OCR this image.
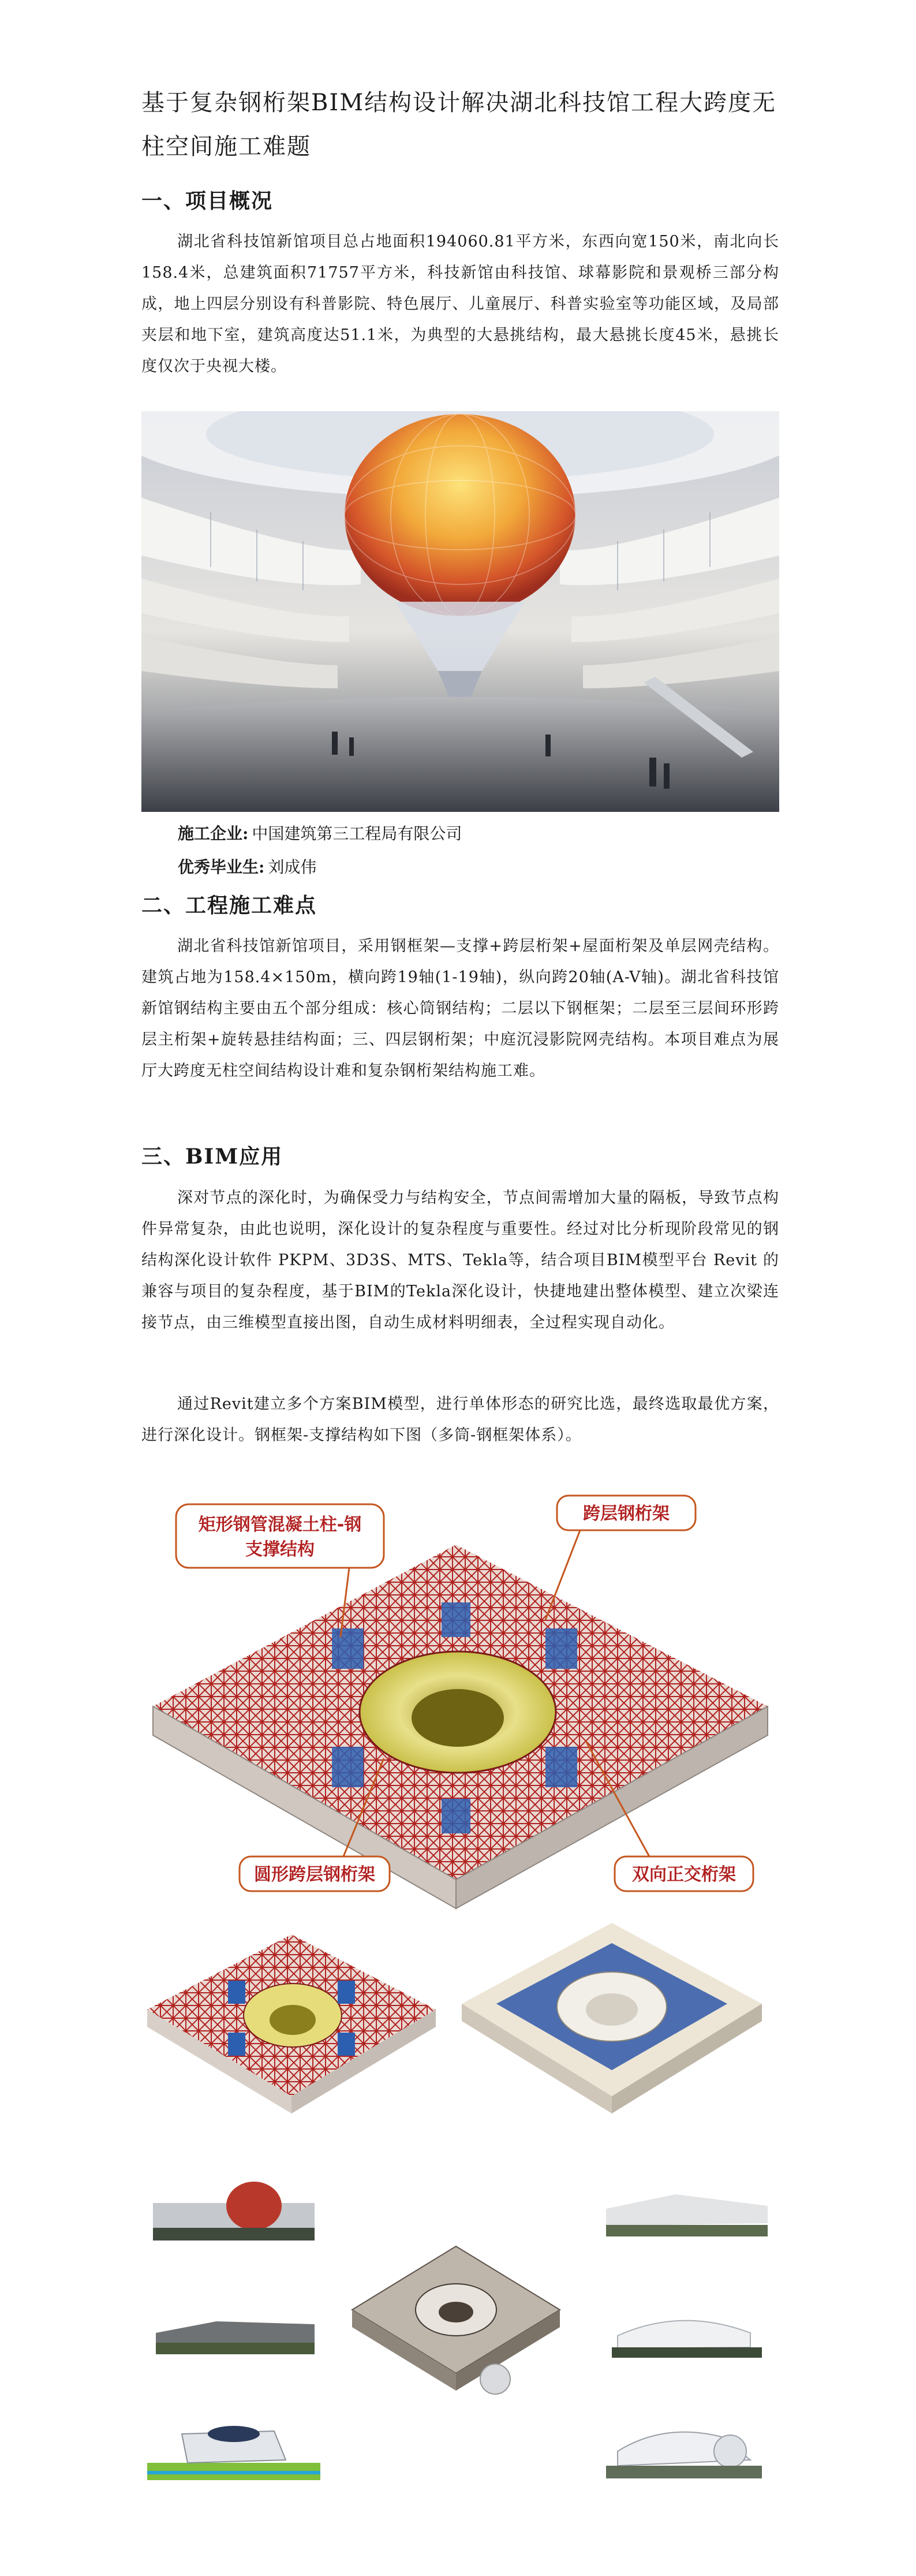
基于复杂钢桁架BIM结构设计解决湖北科技馆工程大跨度无柱空间施工难题
一、项目概况

湖北省科技馆新馆项目总占地面积194060.81平方米，东西向宽150米，南北向长158.4米，总建筑面积71757平方米，科技新馆由科技馆、球幕影院和景观桥三部分构成，地上四层分别设有科普影院、特色展厅、儿童展厅、科普实验室等功能区域，及局部夹层和地下室，建筑高度达51.1米，为典型的大悬挑结构，最大悬挑长度45米，悬挑长度仅次于央视大楼。

施工企业: 中国建筑第三工程局有限公司

优秀毕业生: 刘成伟

二、工程施工难点

湖北省科技馆新馆项目，采用钢框架—支撑+跨层桁架+屋面桁架及单层网壳结构。建筑占地为158.4×150m，横向跨19轴(1-19轴)，纵向跨20轴(A-V轴)。湖北省科技馆新馆钢结构主要由五个部分组成：核心筒钢结构；二层以下钢框架；二层至三层间环形跨层主桁架+旋转悬挂结构面；三、四层钢桁架；中庭沉浸影院网壳结构。本项目难点为展厅大跨度无柱空间结构设计难和复杂钢桁架结构施工难。

三、BIM应用

深对节点的深化时，为确保受力与结构安全，节点间需增加大量的隔板，导致节点构件异常复杂，由此也说明，深化设计的复杂程度与重要性。经过对比分析现阶段常见的钢结构深化设计软件 PKPM、3D3S、MTS、Tekla等，结合项目BIM模型平台 Revit 的兼容与项目的复杂程度，基于BIM的Tekla深化设计，快捷地建出整体模型、建立次梁连接节点，由三维模型直接出图，自动生成材料明细表，全过程实现自动化。

通过Revit建立多个方案BIM模型，进行单体形态的研究比选，最终选取最优方案，进行深化设计。钢框架-支撑结构如下图（多筒-钢框架体系）。

矩形钢管混凝土柱-钢
支撑结构
跨层钢桁架
圆形跨层钢桁架	双向正交桁架
